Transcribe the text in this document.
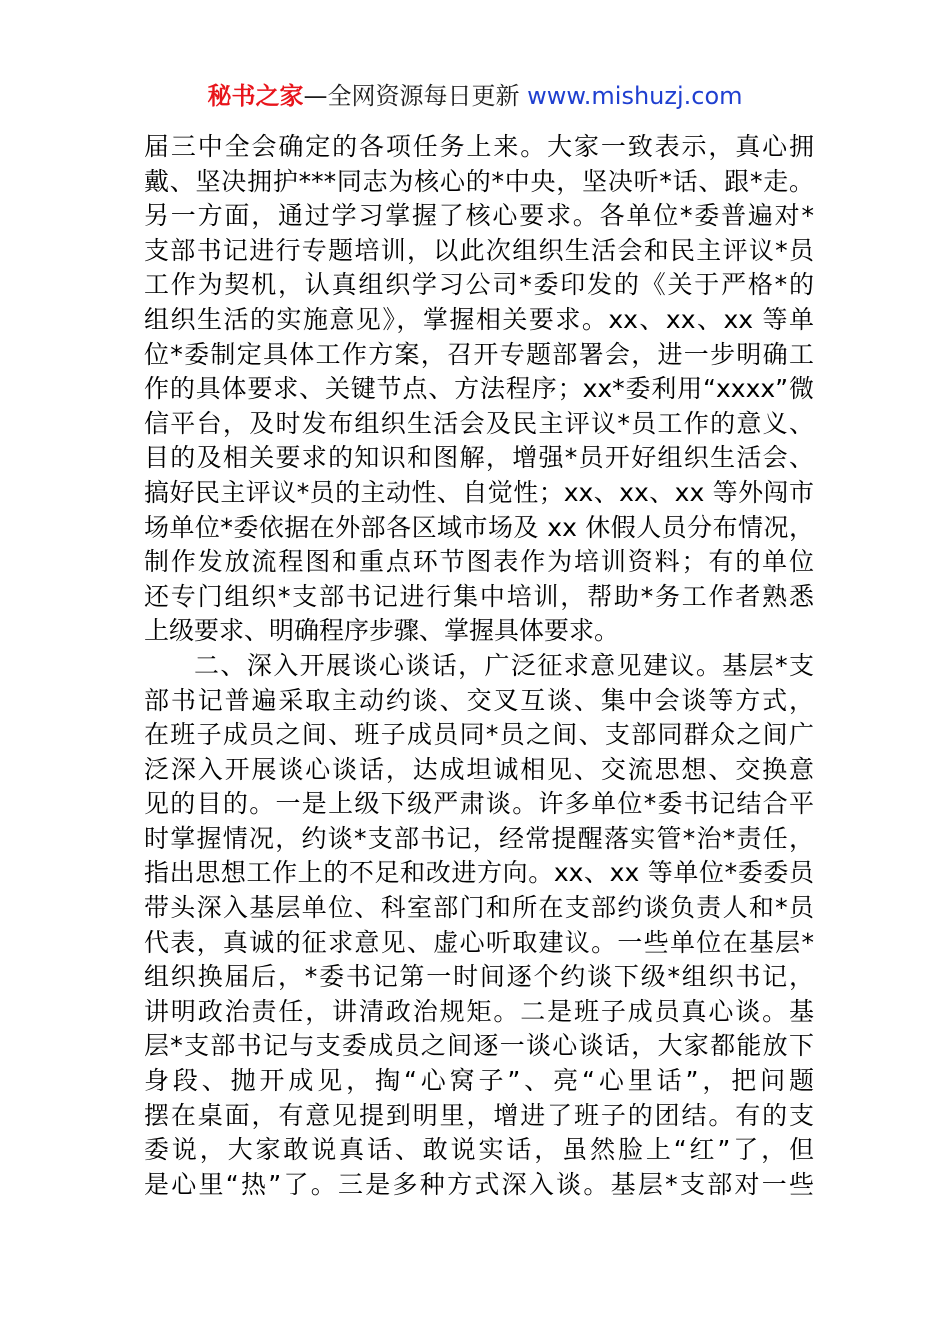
秘书之家—全网资源每日更新 www.mishuzj.com
届三中全会确定的各项任务上来。大家一致表示，真心拥
戴、坚决拥护***同志为核心的*中央，坚决听*话、跟*走。
另一方面，通过学习掌握了核心要求。各单位*委普遍对*
支部书记进行专题培训，以此次组织生活会和民主评议*员
工作为契机，认真组织学习公司*委印发的《关于严格*的
组织生活的实施意见》，掌握相关要求。xx、xx、xx 等单
位*委制定具体工作方案，召开专题部署会，进一步明确工
作的具体要求、关键节点、方法程序；xx*委利用“xxxx”微
信平台，及时发布组织生活会及民主评议*员工作的意义、
目的及相关要求的知识和图解，增强*员开好组织生活会、
搞好民主评议*员的主动性、自觉性；xx、xx、xx 等外闯市
场单位*委依据在外部各区域市场及 xx 休假人员分布情况，
制作发放流程图和重点环节图表作为培训资料；有的单位
还专门组织*支部书记进行集中培训，帮助*务工作者熟悉
上级要求、明确程序步骤、掌握具体要求。
二、深入开展谈心谈话，广泛征求意见建议。基层*支
部书记普遍采取主动约谈、交叉互谈、集中会谈等方式，
在班子成员之间、班子成员同*员之间、支部同群众之间广
泛深入开展谈心谈话，达成坦诚相见、交流思想、交换意
见的目的。一是上级下级严肃谈。许多单位*委书记结合平
时掌握情况，约谈*支部书记，经常提醒落实管*治*责任，
指出思想工作上的不足和改进方向。xx、xx 等单位*委委员
带头深入基层单位、科室部门和所在支部约谈负责人和*员
代表，真诚的征求意见、虚心听取建议。一些单位在基层*
组织换届后，*委书记第一时间逐个约谈下级*组织书记，
讲明政治责任，讲清政治规矩。二是班子成员真心谈。基
层*支部书记与支委成员之间逐一谈心谈话，大家都能放下
身段、抛开成见，掏“心窝子”、亮“心里话”，把问题
摆在桌面，有意见提到明里，增进了班子的团结。有的支
委说，大家敢说真话、敢说实话，虽然脸上“红”了，但
是心里“热”了。三是多种方式深入谈。基层*支部对一些
